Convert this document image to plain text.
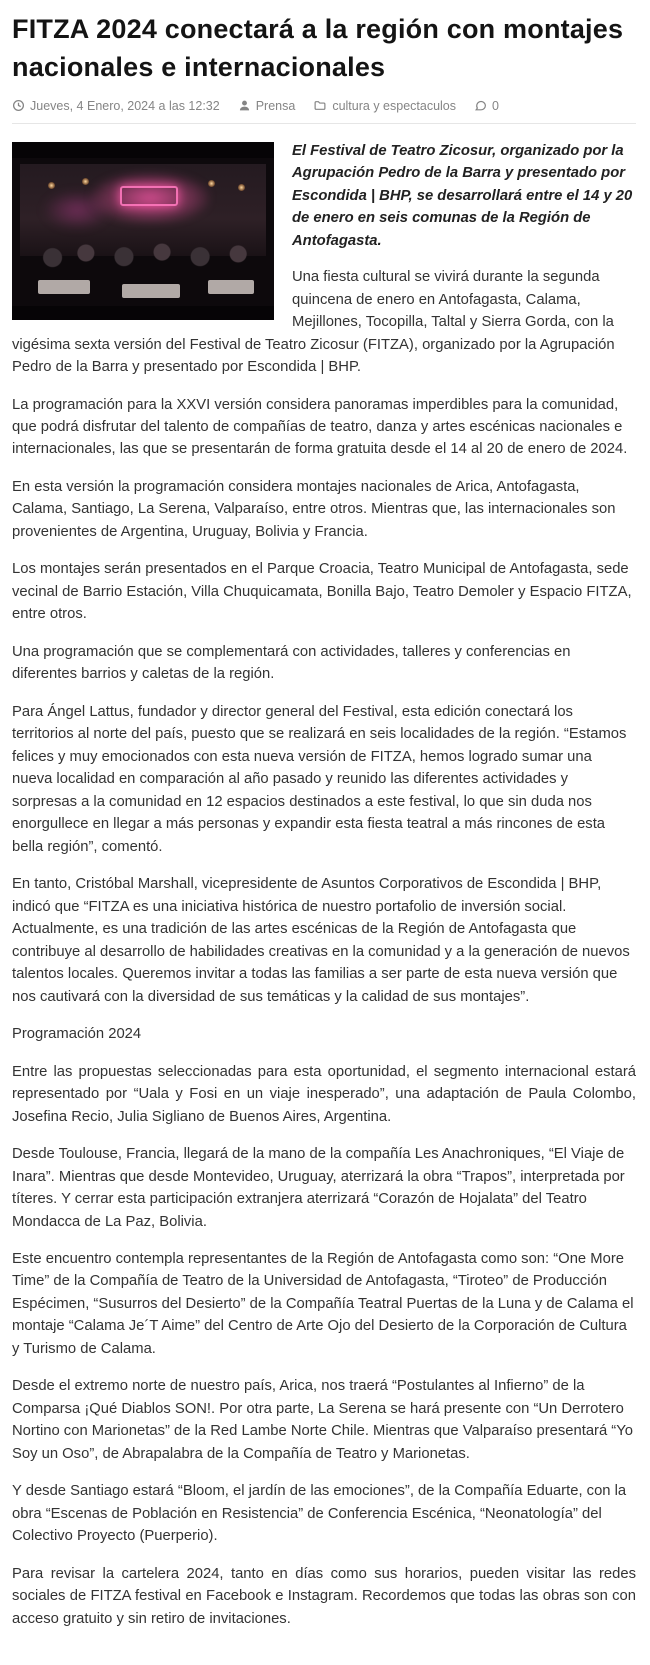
FITZA 2024 conectará a la región con montajes nacionales e internacionales
Jueves, 4 Enero, 2024 a las 12:32	Prensa	cultura y espectaculos	0

El Festival de Teatro Zicosur, organizado por la Agrupación Pedro de la Barra y presentado por Escondida | BHP, se desarrollará entre el 14 y 20 de enero en seis comunas de la Región de Antofagasta.

Una fiesta cultural se vivirá durante la segunda quincena de enero en Antofagasta, Calama, Mejillones, Tocopilla, Taltal y Sierra Gorda, con la vigésima sexta versión del Festival de Teatro Zicosur (FITZA), organizado por la Agrupación Pedro de la Barra y presentado por Escondida | BHP.

La programación para la XXVI versión considera panoramas imperdibles para la comunidad, que podrá disfrutar del talento de compañías de teatro, danza y artes escénicas nacionales e internacionales, las que se presentarán de forma gratuita desde el 14 al 20 de enero de 2024.

En esta versión la programación considera montajes nacionales de Arica, Antofagasta, Calama, Santiago, La Serena, Valparaíso, entre otros. Mientras que, las internacionales son provenientes de Argentina, Uruguay, Bolivia y Francia.

Los montajes serán presentados en el Parque Croacia, Teatro Municipal de Antofagasta, sede vecinal de Barrio Estación, Villa Chuquicamata, Bonilla Bajo, Teatro Demoler y Espacio FITZA, entre otros.

Una programación que se complementará con actividades, talleres y conferencias en diferentes barrios y caletas de la región.

Para Ángel Lattus, fundador y director general del Festival, esta edición conectará los territorios al norte del país, puesto que se realizará en seis localidades de la región. “Estamos felices y muy emocionados con esta nueva versión de FITZA, hemos logrado sumar una nueva localidad en comparación al año pasado y reunido las diferentes actividades y sorpresas a la comunidad en 12 espacios destinados a este festival, lo que sin duda nos enorgullece en llegar a más personas y expandir esta fiesta teatral a más rincones de esta bella región”, comentó.

En tanto, Cristóbal Marshall, vicepresidente de Asuntos Corporativos de Escondida | BHP, indicó que “FITZA es una iniciativa histórica de nuestro portafolio de inversión social. Actualmente, es una tradición de las artes escénicas de la Región de Antofagasta que contribuye al desarrollo de habilidades creativas en la comunidad y a la generación de nuevos talentos locales. Queremos invitar a todas las familias a ser parte de esta nueva versión que nos cautivará con la diversidad de sus temáticas y la calidad de sus montajes”.

Programación 2024

Entre las propuestas seleccionadas para esta oportunidad, el segmento internacional estará representado por “Uala y Fosi en un viaje inesperado”, una adaptación de Paula Colombo, Josefina Recio, Julia Sigliano de Buenos Aires, Argentina.

Desde Toulouse, Francia, llegará de la mano de la compañía Les Anachroniques, “El Viaje de Inara”. Mientras que desde Montevideo, Uruguay, aterrizará la obra “Trapos”, interpretada por títeres. Y cerrar esta participación extranjera aterrizará “Corazón de Hojalata” del Teatro Mondacca de La Paz, Bolivia.

Este encuentro contempla representantes de la Región de Antofagasta como son: “One More Time” de la Compañía de Teatro de la Universidad de Antofagasta, “Tiroteo” de Producción Espécimen, “Susurros del Desierto” de la Compañía Teatral Puertas de la Luna y de Calama el montaje “Calama Je´T Aime” del Centro de Arte Ojo del Desierto de la Corporación de Cultura y Turismo de Calama.

Desde el extremo norte de nuestro país, Arica, nos traerá “Postulantes al Infierno” de la Comparsa ¡Qué Diablos SON!. Por otra parte, La Serena se hará presente con “Un Derrotero Nortino con Marionetas” de la Red Lambe Norte Chile. Mientras que Valparaíso presentará “Yo Soy un Oso”, de Abrapalabra de la Compañía de Teatro y Marionetas.

Y desde Santiago estará “Bloom, el jardín de las emociones”, de la Compañía Eduarte, con la obra “Escenas de Población en Resistencia” de Conferencia Escénica, “Neonatología” del Colectivo Proyecto (Puerperio).

Para revisar la cartelera 2024, tanto en días como sus horarios, pueden visitar las redes sociales de FITZA festival en Facebook e Instagram. Recordemos que todas las obras son con acceso gratuito y sin retiro de invitaciones.
